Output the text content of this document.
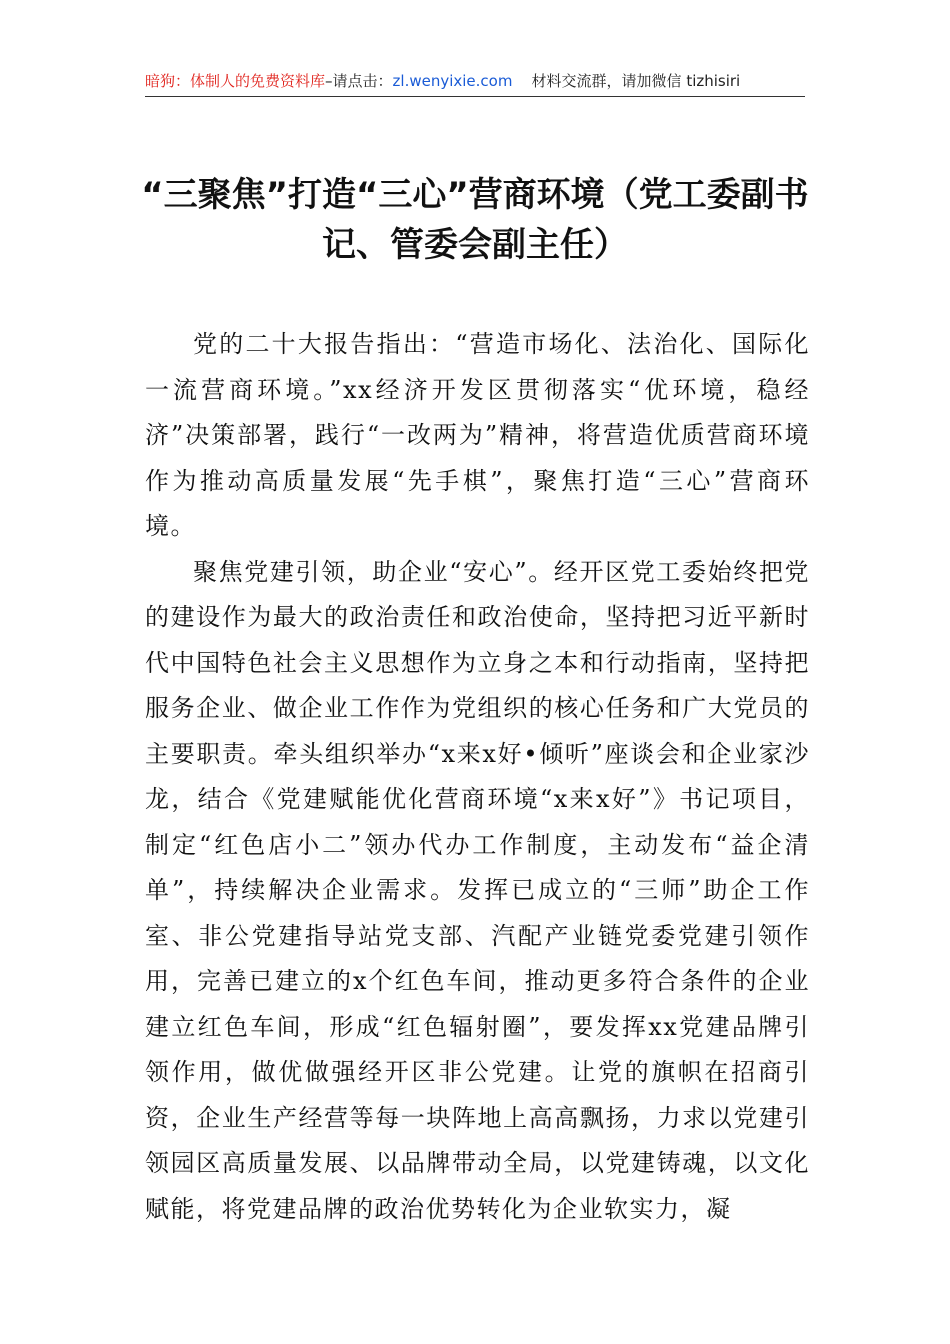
暗狗：体制人的免费资料库–请点击：zl.wenyixie.com 材料交流群，请加微信 tizhisiri
“三聚焦”打造“三心”营商环境（党工委副书记、管委会副主任）

党的二十大报告指出：“营造市场化、法治化、国际化一流营商环境。”xx经济开发区贯彻落实“优环境，稳经济”决策部署，践行“一改两为”精神，将营造优质营商环境作为推动高质量发展“先手棋”，聚焦打造“三心”营商环境。

聚焦党建引领，助企业“安心”。经开区党工委始终把党的建设作为最大的政治责任和政治使命，坚持把习近平新时代中国特色社会主义思想作为立身之本和行动指南，坚持把服务企业、做企业工作作为党组织的核心任务和广大党员的主要职责。牵头组织举办“x来x好•倾听”座谈会和企业家沙龙，结合《党建赋能优化营商环境“x来x好”》书记项目，制定“红色店小二”领办代办工作制度，主动发布“益企清单”，持续解决企业需求。发挥已成立的“三师”助企工作室、非公党建指导站党支部、汽配产业链党委党建引领作用，完善已建立的x个红色车间，推动更多符合条件的企业建立红色车间，形成“红色辐射圈”，要发挥xx党建品牌引领作用，做优做强经开区非公党建。让党的旗帜在招商引资，企业生产经营等每一块阵地上高高飘扬，力求以党建引领园区高质量发展、以品牌带动全局，以党建铸魂，以文化赋能，将党建品牌的政治优势转化为企业软实力，凝
